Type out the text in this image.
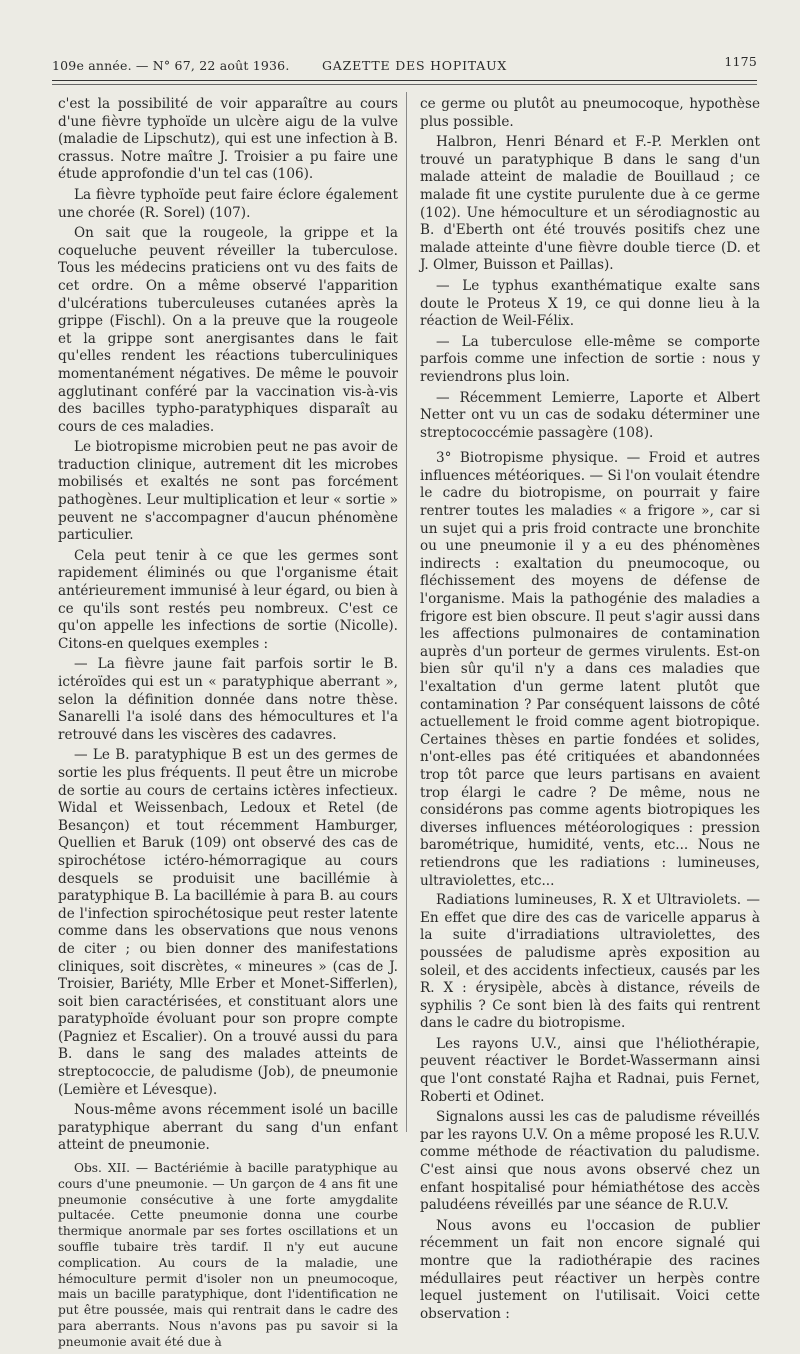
109e année. — N° 67, 22 août 1936.	GAZETTE DES HOPITAUX	1175

c'est la possibilité de voir apparaître au cours d'une fièvre typhoïde un ulcère aigu de la vulve (maladie de Lipschutz), qui est une infection à B. crassus. Notre maître J. Troisier a pu faire une étude approfondie d'un tel cas (106).

La fièvre typhoïde peut faire éclore également une chorée (R. Sorel) (107).

On sait que la rougeole, la grippe et la coqueluche peuvent réveiller la tuberculose. Tous les médecins praticiens ont vu des faits de cet ordre. On a même observé l'apparition d'ulcérations tuberculeuses cutanées après la grippe (Fischl). On a la preuve que la rougeole et la grippe sont anergisantes dans le fait qu'elles rendent les réactions tuberculiniques momentanément négatives. De même le pouvoir agglutinant conféré par la vaccination vis-à-vis des bacilles typho-paratyphiques disparaît au cours de ces maladies.

Le biotropisme microbien peut ne pas avoir de traduction clinique, autrement dit les microbes mobilisés et exaltés ne sont pas forcément pathogènes. Leur multiplication et leur « sortie » peuvent ne s'accompagner d'aucun phénomène particulier.

Cela peut tenir à ce que les germes sont rapidement éliminés ou que l'organisme était antérieurement immunisé à leur égard, ou bien à ce qu'ils sont restés peu nombreux. C'est ce qu'on appelle les infections de sortie (Nicolle). Citons-en quelques exemples :

— La fièvre jaune fait parfois sortir le B. ictéroïdes qui est un « paratyphique aberrant », selon la définition donnée dans notre thèse. Sanarelli l'a isolé dans des hémocultures et l'a retrouvé dans les viscères des cadavres.

— Le B. paratyphique B est un des germes de sortie les plus fréquents. Il peut être un microbe de sortie au cours de certains ictères infectieux. Widal et Weissenbach, Ledoux et Retel (de Besançon) et tout récemment Hamburger, Quellien et Baruk (109) ont observé des cas de spirochétose ictéro-hémorragique au cours desquels se produisit une bacillémie à paratyphique B. La bacillémie à para B. au cours de l'infection spirochétosique peut rester latente comme dans les observations que nous venons de citer ; ou bien donner des manifestations cliniques, soit discrètes, « mineures » (cas de J. Troisier, Bariéty, Mlle Erber et Monet-Sifferlen), soit bien caractérisées, et constituant alors une paratyphoïde évoluant pour son propre compte (Pagniez et Escalier). On a trouvé aussi du para B. dans le sang des malades atteints de streptococcie, de paludisme (Job), de pneumonie (Lemière et Lévesque).

Nous-même avons récemment isolé un bacille paratyphique aberrant du sang d'un enfant atteint de pneumonie.

Obs. XII. — Bactériémie à bacille paratyphique au cours d'une pneumonie. — Un garçon de 4 ans fit une pneumonie consécutive à une forte amygdalite pultacée. Cette pneumonie donna une courbe thermique anormale par ses fortes oscillations et un souffle tubaire très tardif. Il n'y eut aucune complication. Au cours de la maladie, une hémoculture permit d'isoler non un pneumocoque, mais un bacille paratyphique, dont l'identification ne put être poussée, mais qui rentrait dans le cadre des para aberrants. Nous n'avons pas pu savoir si la pneumonie avait été due à

ce germe ou plutôt au pneumocoque, hypothèse plus possible.

Halbron, Henri Bénard et F.-P. Merklen ont trouvé un paratyphique B dans le sang d'un malade atteint de maladie de Bouillaud ; ce malade fit une cystite purulente due à ce germe (102). Une hémoculture et un sérodiagnostic au B. d'Eberth ont été trouvés positifs chez une malade atteinte d'une fièvre double tierce (D. et J. Olmer, Buisson et Paillas).

— Le typhus exanthématique exalte sans doute le Proteus X 19, ce qui donne lieu à la réaction de Weil-Félix.

— La tuberculose elle-même se comporte parfois comme une infection de sortie : nous y reviendrons plus loin.

— Récemment Lemierre, Laporte et Albert Netter ont vu un cas de sodaku déterminer une streptococcémie passagère (108).

3° Biotropisme physique. — Froid et autres influences météoriques. — Si l'on voulait étendre le cadre du biotropisme, on pourrait y faire rentrer toutes les maladies « a frigore », car si un sujet qui a pris froid contracte une bronchite ou une pneumonie il y a eu des phénomènes indirects : exaltation du pneumocoque, ou fléchissement des moyens de défense de l'organisme. Mais la pathogénie des maladies a frigore est bien obscure. Il peut s'agir aussi dans les affections pulmonaires de contamination auprès d'un porteur de germes virulents. Est-on bien sûr qu'il n'y a dans ces maladies que l'exaltation d'un germe latent plutôt que contamination ? Par conséquent laissons de côté actuellement le froid comme agent biotropique. Certaines thèses en partie fondées et solides, n'ont-elles pas été critiquées et abandonnées trop tôt parce que leurs partisans en avaient trop élargi le cadre ? De même, nous ne considérons pas comme agents biotropiques les diverses influences météorologiques : pression barométrique, humidité, vents, etc... Nous ne retiendrons que les radiations : lumineuses, ultraviolettes, etc...

Radiations lumineuses, R. X et Ultraviolets. — En effet que dire des cas de varicelle apparus à la suite d'irradiations ultraviolettes, des poussées de paludisme après exposition au soleil, et des accidents infectieux, causés par les R. X : érysipèle, abcès à distance, réveils de syphilis ? Ce sont bien là des faits qui rentrent dans le cadre du biotropisme.

Les rayons U.V., ainsi que l'héliothérapie, peuvent réactiver le Bordet-Wassermann ainsi que l'ont constaté Rajha et Radnai, puis Fernet, Roberti et Odinet.

Signalons aussi les cas de paludisme réveillés par les rayons U.V. On a même proposé les R.U.V. comme méthode de réactivation du paludisme. C'est ainsi que nous avons observé chez un enfant hospitalisé pour hémiathétose des accès paludéens réveillés par une séance de R.U.V.

Nous avons eu l'occasion de publier récemment un fait non encore signalé qui montre que la radiothérapie des racines médullaires peut réactiver un herpès contre lequel justement on l'utilisait. Voici cette observation :
